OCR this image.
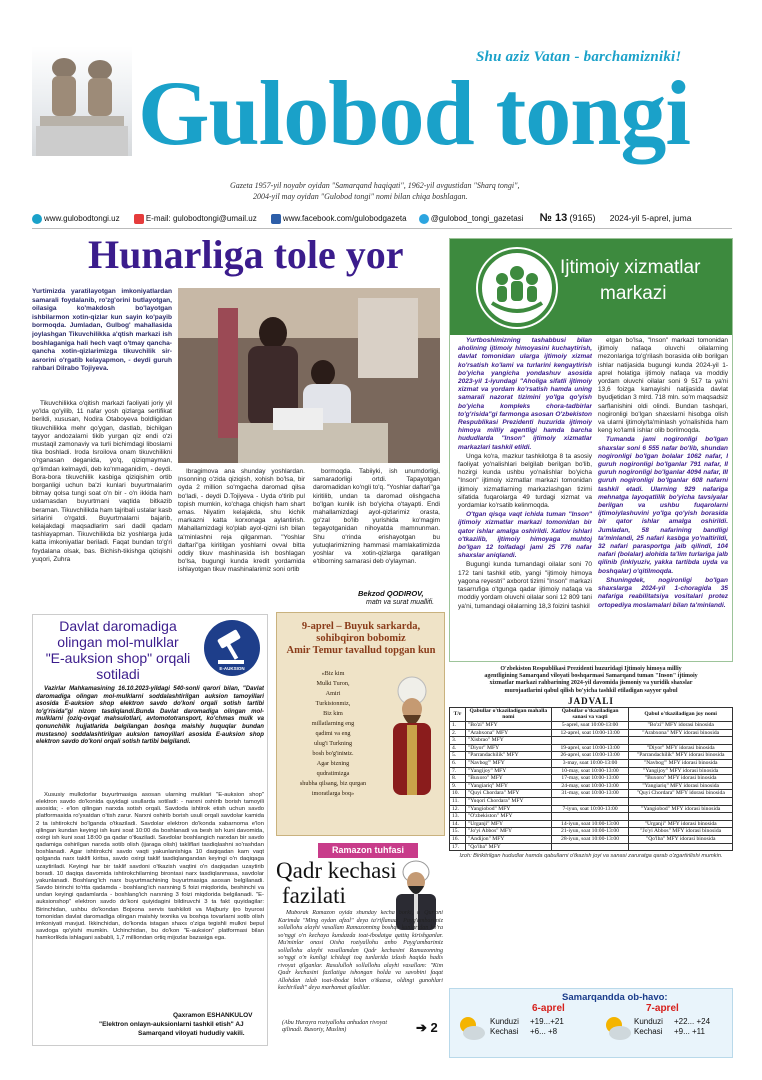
Shu aziz Vatan - barchamizniki!
Gulobod tongi
Gazeta 1957-yil noyabr oyidan "Samarqand haqiqati", 1962-yil avgustidan "Sharq tongi",
2004-yil may oyidan "Gulobod tongi" nomi bilan chiqa boshlagan.
www.gulobodtongi.uz	E-mail: gulobodtongi@umail.uz	www.facebook.com/gulobodgazeta	@gulobod_tongi_gazetasi № 13 (9165) 2024-yil 5-aprel, juma
Hunarliga tole yor
Yurtimizda yaratilayotgan imkoniyatlardan samarali foydalanib, ro'zg'orini butlayotgan, oilasiga ko'makdosh bo'layotgan ishbilarmon xotin-qizlar kun sayin ko'payib bormoqda. Jumladan, Gulbog' mahallasida joylashgan Tikuvchilikka a'qtish markazi ish boshlaganiga hali hech vaqt o'tmay qancha-qancha xotin-qizlarimizga tikuvchilik sir-asrorini o'rgatib kelayapmon, - deydi guruh rahbari Dilrabo Tojiyeva.

Tikuvchilikka o'qitish markazi faoliyati joriy yil yo'lda qo'yilib, 11 nafar yosh qizlarga sertifikat berildi, xususan, Nodira Otaboyeva boldligidan tikuvchilikka mehr qo'ygan, dastlab, bichilgan tayyor andozalarni tikib yurgan qiz endi o'zi mustaqil zamonaviy va turli bichimdagi liboslarni tika boshladi. Iroda Isroilova onam tikuvchilikni o'rganasan deganida, yo'q, qiziqmayman, qo'limdan kelmaydi, deb ko'nmaganidim, - deydi. Bora-bora tikuvchilik kasbiga qiziqishim ortib borganligi uchun ba'zi kunlari buyurtmalarim bitmay qolsa tungi soat o'n bir - o'n ikkida ham uxlamasdan buyurtmani vaqtida bitkazib beraman. Tikuvchilikda ham tajribali ustalar kasb sirlarini o'rgatdi. Buyurtmalarni bajarib, kelajakdagi maqsadlarim sari dadil qadam tashlayapman. Tikuvchilikda biz yoshlarga juda katta imkoniyatlar beriladi. Faqat bundan to'g'ri foydalana olsak, bas. Bichish-tikishga qiziqishi yuqori, Zuhra

Ibragimova ana shunday yoshlardan. Insonning o'zida qiziqish, xohish bo'lsa, bir oyda 2 million so'mgacha daromad qilsa bo'ladi, - deydi D.Tojiyeva - Uyda o'tirib pul topish mumkin, ko'chaga chiqish ham shart emas. Niyatim kelajakda, shu kichik markazni katta korxonaga aylantirish. Mahallamizdagi ko'plab ayol-qizni ish bilan ta'minlashni reja qilganman. "Yoshlar daftari"ga kiritilgan yoshlarni ovval bitta oddiy tikuv mashinasida ish boshlagan bo'lsa, bugungi kunda kredit yordamida ishlayotgan tikuv mashinalarimiz soni ortib

bormoqda. Tabiiyki, ish unumdorligi, samaradorligi ortdi. Tapayotgan daromadidan ko'ngli to'q. "Yoshlar daftari"ga kiritilib, undan ta daromad olishgacha bo'lgan kunlik ish bo'yicha o'tayapti. Endi mahallamizdagi ayol-qizlarimiz orasta, go'zal bo'lib yurishida ko'magim tegayotganidan nihoyatda mamnunman. Shu o'rinda erishayotgan bu yutuqlarimizning hammasi mamlakatimizda yoshlar va xotin-qizlarga qaratilgan e'tiborning samarasi deb o'ylayman.

Bekzod QODIROV,
matn va surat muallifi.
Ijtimoiy xizmatlar
markazi

Yurtboshimizning tashabbusi bilan aholining ijtimoiy himoyasini kuchaytirish, davlat tomonidan ularga ijtimoiy xizmat ko'rsatish ko'lami va turlarini kengaytirish bo'yicha yangicha yondashuv asosida 2023-yil 1-iyundagi "Aholiga sifatli ijtimoiy xizmat va yordam ko'rsatish hamda uning samarali nazorat tizimini yo'lga qo'yish bo'yicha kompleks chora-tadbirlar to'g'risida"gi farmonga asosan O'zbekiston Respublikasi Prezidenti huzurida ijtimoiy himoya milliy agentligi hamda barcha hududlarda "Inson" ijtimoiy xizmatlar markazlari tashkil etildi.

Unga ko'ra, mazkur tashkilotga 8 ta asosiy faoliyat yo'nalishlari belgilab berilgan bo'lib, hozirgi kunda ushbu yo'nalishlar bo'yicha "Inson" ijtimoiy xizmatlar markazi tomonidan ijtimoiy xizmatlarning markazlashgan tizimi sifatida fuqarolarga 49 turdagi xizmat va yordamlar ko'rsatib kelinmoqda.

O'tgan qisqa vaqt ichida tuman "Inson" ijtimoiy xizmatlar markazi tomonidan bir qator ishlar amalga oshirildi. Xatlov ishlari o'tkazilib, ijtimoiy himoyaga muhtoj bo'lgan 12 toifadagi jami 25 776 nafar shaxslar aniqlandi.

Bugungi kunda tumandagi oilalar soni 70 172 tani tashkil etib, yangi "ijtimoiy himoya yagona reyestri" axborot tizimi "Inson" markazi tasarrufiga o'tgunga qadar ijtimoiy nafaqa va moddiy yordam oluvchi oilalar soni 12 809 tani ya'ni, tumandagi oilalarning 18,3 foizini tashkil

etgan bo'lsa, "Inson" markazi tomonidan ijtimoiy nafaqa oluvchi oilalarning mezonlariga to'g'rilash borasida olib borilgan ishlar natijasida bugungi kunda 2024-yil 1-aprel holatiga ijtimoiy nafaqa va moddiy yordam oluvchi oilalar soni 9 517 ta ya'ni 13,6 foizga kamayishi natijasida davlat byudjetidan 3 mlrd. 718 mln. so'm maqsadsiz sarflanishini oldi olindi. Bundan tashqari, nogironligi bo'lgan shaxslarni hisobga olish va ularni ijtimoiy/ta'minlash yo'nalishida ham keng ko'lamli ishlar olib borilmoqda.

Tumanda jami nogironligi bo'lgan shaxslar soni 6 555 nafar bo'lib, shundan nogironligi bo'lgan bolalar 1062 nafar, I guruh nogironligi bo'lganlar 791 nafar, II guruh nogironligi bo'lganlar 4094 nafar, III guruh nogironligi bo'lganlar 608 nafarni tashkil etadi. Ularning 929 nafariga mehnatga layoqatlilik bo'yicha tavsiyalar berilgan va ushbu fuqarolarni ijtimoiylashuvini yo'lga qo'yish borasida bir qator ishlar amalga oshirildi. Jumladan, 58 nafarining bandligi ta'minlandi, 25 nafari kasbga yo'naltirildi, 32 nafari parasportga jalb qilindi, 104 nafari (bolalar) alohida ta'lim turlariga jalb qilinib (inklyuziv, yakka tartibda uyda va boshqalar) o'qitilmoqda.

Shuningdek, nogironligi bo'lgan shaxslarga 2024-yil 1-choragida 35 nafariga reabilitatsiya vositalari protez ortopediya moslamalari bilan ta'minlandi.

O'zbekiston Respublikasi Prezidenti huzuridagi Ijtimoiy himoya milliy
agentligining Samarqand viloyati boshqarmasi Samarqand tuman "Inson" ijtimoiy
xizmatlar markazi rahbarining 2024-yil davomida jismoniy va yuridik shaxslar
murojaatlarini qabul qilish bo'yicha tashkil etiladigan sayyor qabul
JADVALI
T/r	Qabullar o'tkaziladigan mahalla nomi	Qabullar o'tkaziladigan sanasi va vaqti	Qabul o'tkaziladigan joy nomi
1.	"Bo'zi" MFY	5-aprel, soat 10:00-13:00	"Bo'zi" MFY idorasi binosida
2.	"Arabxona" MFY	12-aprel, soat 10:00-13:00	"Arabxona" MFY idorasi binosida
3.	"Xisbrao" MFY		
4.	"Diyor" MFY	19-aprel, soat 10:00-13:00	"Diyor" MFY idorasi binosida
5.	"Parrandachilik" MFY	26-aprel, soat 10:00-13:00	"Parrandachilik" MFY idorasi binosida
6.	"Navbog'" MFY	3-may, soat 10:00-13:00	"Navbog'" MFY idorasi binosida
7.	"Yangijoy" MFY	10-may, soat 10:00-13:00	"Yangijoy" MFY idorasi binosida
8.	"Buxoro" MFY	17-may, soat 10:00-13:00	"Buxoro" MFY idorasi binosida
9.	"Yangiariq" MFY	24-may, soat 10:00-13:00	"Yangiariq" MFY idorasi binosida
10.	"Quyi Chordara" MFY	31-may, soat 10:00-13:00	"Quyi Chordara" MFY idorasi binosida
11.	"Yuqori Chordara" MFY		
12.	"Yangiobod" MFY	7-iyun, soat 10:00-13:00	"Yangiobod" MFY idorasi binosida
13.	"O'zbekiston" MFY		
14.	"Urganji" MFY	14-iyun, soat 10:00-13:00	"Urganji" MFY idorasi binosida
15.	"Jo'yi Abbos" MFY	21-iyun, soat 10:00-13:00	"Jo'yi Abbos" MFY idorasi binosida
16.	"Andijon" MFY	28-iyun, soat 10:00-13:00	"Qo'lba" MFY idorasi binosida
17.	"Qo'lba" MFY		
Izoh: Birikitrilgan hududlar hamda qabullarni o'tkazish joyi va sanasi zaruratga qarab o'zgartirilishi mumkin.
Davlat daromadiga
olingan mol-mulklar
"E-auksion shop" orqali
sotiladi	E-AUKSION

Vazirlar Mahkamasining 16.10.2023-yildagi 540-sonli qarori bilan, "Davlat daromadiga olingan mol-mulklarni soddalashtirilgan auksion tamoyillari asosida E-auksion shop elektron savdo do'koni orqali sotish tartibi to'g'risida"gi nizom tasdiqlandi.Bunda Davlat daromadiga olingan mol-mulklarni (oziq-ovqat mahsulotlari, avtomototransport, ko'chmas mulk va qonunchilik hujjatlarida belgilangan boshqa maishiy huquqlar bundan mustasno) soddalashtirilgan auksion tamoyillari asosida E-auksion shop elektron savdo do'koni orqali sotish tartibi belgilandi.

Xususiy mulkdorlar buyurtmasiga asosan ularning mulklari "E-auksion shop" elektron savdo do'konida quyidagi usullarda sotiladi: - narxni oshirib borish tamoyili asosida; - e'lon qilingan narxda sotish orqali. Savdoda ishtirok etish uchun savdo platformasida ro'yxatdan o'tish zarur. Narxni oshirib borish usuli orqali savdolar kamida 2 ta ishtirokchi bo'lganda o'tkaziladi. Savdolar elektron do'konda xabarnoma e'lon qilingan kundan keyingi ish kuni soat 10:00 da boshlanadi va besh ish kuni davomida, oxirgi ish kuni soat 18:00 ga qadar o'tkaziladi. Savdolar boshlangich narxdan bir savdo qadamiga oshirilgan narxda sotib olish (ijaraga olish) takliflari tasdiqlashni so'rashdan boshlanadi. Agar ishtirokchi savdo vaqti yakunlanishiga 10 daqiqadan kam vaqt qolganda narx taklifi kiritsa, savdo oxirgi taklif tasdiqlangandan keyingi o'n daqiqaga uzaytiriladi. Keyingi har bir taklif savdoni o'tkazish vaqtini o'n daqiqadan uzaytirib boradi. 10 daqiqa davomida ishtirokchilarning birontasi narx tasdiqlanmasa, savdolar yakunlanadi. Boshlang'ich narx buyurtmachining buyurtmasiga asosan belgilanadi. Savdo birinchi to'rtta qadamda - boshlang'ich narxning 5 foizi miqdorida, beshinchi va undan keyingi qadamlarda - boshlang'ich narxning 3 foizi miqdorida belgilanadi. "E-auksionshop" elektron savdo do'koni quiyidagini bildiruvchi 3 ta fakt quyidagilar: Birinchidan, ushbu do'kondan Bojxona servis tashkiloti va Majburiy ijro byurosi tomonidan davlat daromadiga olingan maishiy texnika va boshqa tovarlarni sotib olish imkoniyati mavjud. Ikkinchidan, do'konda istagan shaxs o'ziga tegishli mulkni bepul savdoga qo'yishi mumkin. Uchinchidan, bu do'kon "E-auksion" platformasi bilan hamkorlikda ishlagani sababli, 1,7 milliondan ortiq mijozlar bazasiga ega.

Qaxramon ESHANKULOV
"Elektron onlayn-auksionlarni tashkil etish" AJ
Samarqand viloyati hududiy vakili.
9-aprel – Buyuk sarkarda,
sohibqiron bobomiz
Amir Temur tavallud topgan kun
«Biz kim
Mulki Turon,
Amiri
Turkistonmiz,
Biz kim
millatlarning eng
qadimi va eng
ulug'i Turkning
bosh bo'g'iniмiz.
Agar bizning
qudratimizga
shubha qilsang, biz qurgan imoratlarga boq»
Ramazon tuhfasi
Qadr kechasi
fazilati

Muborak Ramazon oyida shunday kecha borki, u Qur'oni Karimda "Ming oydan afzal" deya ta'riflanadi. Payg'ambarimiz sollallohu alayhi vasallam Ramazonning boshqa kunlaridan ko'ra so'nggi o'n kechaya kundazda toat-ibodatga qattiq kirishganlar. Mu'minlar onasi Oisha roziyallohu anho Payg'ambarimiz sollallohu alayhi vasallamdan Qadr kechasini Ramazonning so'nggi o'n kunligi ichidagi toq tunlarida izlash haqida hadis rivoyat qilganlar. Rasululloh sollallohu alayhi vasallam: "Kim Qadr kechasini fazilatiga ishongan holda va savobini faqat Allohdan izlab toat-ibodat bilan o'tkazsa, oldingi gunohlari kechiriladi" deya marhamat qiladilar.

(Abu Hurayra roziyallohu anhudan rivoyat qilinadi. Buxoriy, Muslim)	➔ 2
Samarqandda ob-havo:
6-aprel	7-aprel
Kunduzi +19...+21
Kechasi +6... +8
Kunduzi +22... +24
Kechasi +9... +11
